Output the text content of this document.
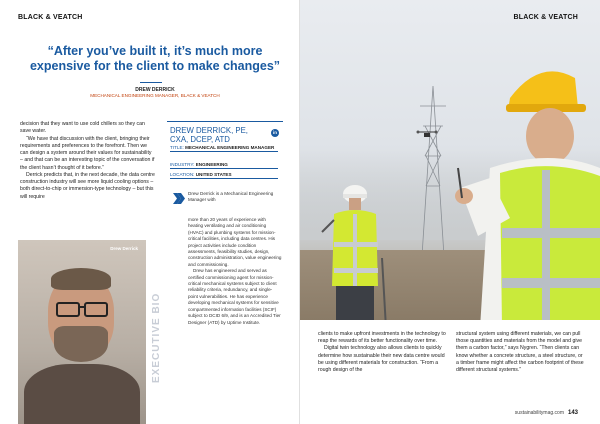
BLACK & VEATCH
“After you’ve built it, it’s much more expensive for the client to make changes”
DREW DERRICK
MECHANICAL ENGINEERING MANAGER, BLACK & VEATCH

decision that they want to use cold chillers so they can save water.

“We have that discussion with the client, bringing their requirements and preferences to the forefront. Then we can design a system around their values for sustainability – and that can be an interesting topic of the conversation if the client hasn’t thought of it before.”

Derrick predicts that, in the next decade, the data centre construction industry will see more liquid cooling options – both direct-to-chip or immersion-type technology – but this will require

Drew Derrick
DREW DERRICK, PE, CXA, DCEP, ATD
in
TITLE: MECHANICAL ENGINEERING MANAGER
INDUSTRY: ENGINEERING
LOCATION: UNITED STATES
Drew Derrick is a Mechanical Engineering Manager with

more than 20 years of experience with heating ventilating and air conditioning (HVAC) and plumbing systems for mission-critical facilities, including data centres. His project activities include condition assessments, feasibility studies, design, construction administration, value engineering and commissioning.

Drew has engineered and served as certified commissioning agent for mission-critical mechanical systems subject to client reliability criteria, redundancy, and single-point vulnerabilities. He has experience developing mechanical systems for sensitive compartmented information facilities (SCIF) subject to DCID 6/9, and is an Accredited Tier Designer (ATD) by Uptime Institute.

EXECUTIVE BIO
BLACK & VEATCH

clients to make upfront investments in the technology to reap the rewards of its better functionality over time.

Digital twin technology also allows clients to quickly determine how sustainable their new data centre would be using different materials for construction. “From a rough design of the

structural system using different materials, we can pull those quantities and materials from the model and give them a carbon factor,” says Nygren. “Then clients can know whether a concrete structure, a steel structure, or a timber frame might affect the carbon footprint of these different structural systems.”

sustainabilitymag.com 143
